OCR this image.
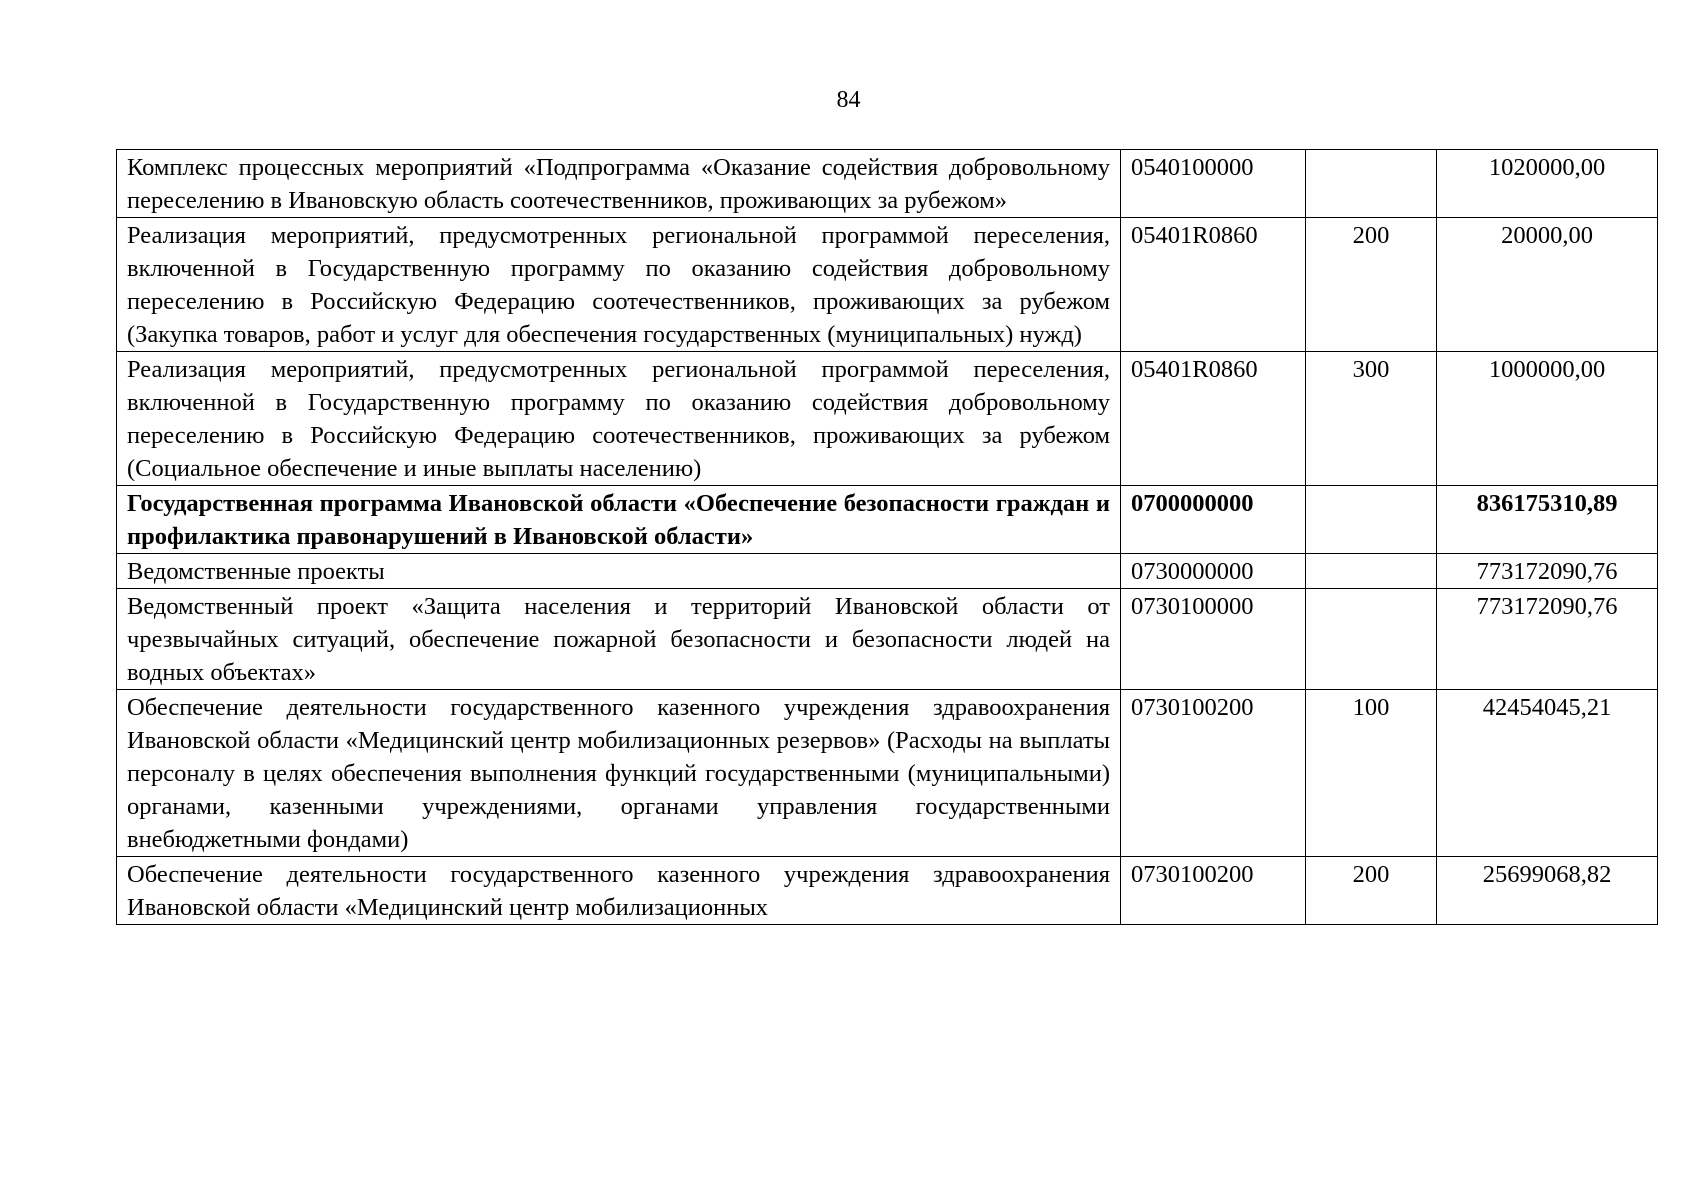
84
Комплекс процессных мероприятий «Подпрограмма «Оказание содействия добровольному переселению в Ивановскую область соотечественников, проживающих за рубежом»	0540100000		1020000,00
Реализация мероприятий, предусмотренных региональной программой переселения, включенной в Государственную программу по оказанию содействия добровольному переселению в Российскую Федерацию соотечественников, проживающих за рубежом (Закупка товаров, работ и услуг для обеспечения государственных (муниципальных) нужд)	05401R0860	200	20000,00
Реализация мероприятий, предусмотренных региональной программой переселения, включенной в Государственную программу по оказанию содействия добровольному переселению в Российскую Федерацию соотечественников, проживающих за рубежом (Социальное обеспечение и иные выплаты населению)	05401R0860	300	1000000,00
Государственная программа Ивановской области «Обеспечение безопасности граждан и профилактика правонарушений в Ивановской области»	0700000000		836175310,89
Ведомственные проекты	0730000000		773172090,76
Ведомственный проект «Защита населения и территорий Ивановской области от чрезвычайных ситуаций, обеспечение пожарной безопасности и безопасности людей на водных объектах»	0730100000		773172090,76
Обеспечение деятельности государственного казенного учреждения здравоохранения Ивановской области «Медицинский центр мобилизационных резервов» (Расходы на выплаты персоналу в целях обеспечения выполнения функций государственными (муниципальными) органами, казенными учреждениями, органами управления государственными внебюджетными фондами)	0730100200	100	42454045,21
Обеспечение деятельности государственного казенного учреждения здравоохранения Ивановской области «Медицинский центр мобилизационных	0730100200	200	25699068,82
